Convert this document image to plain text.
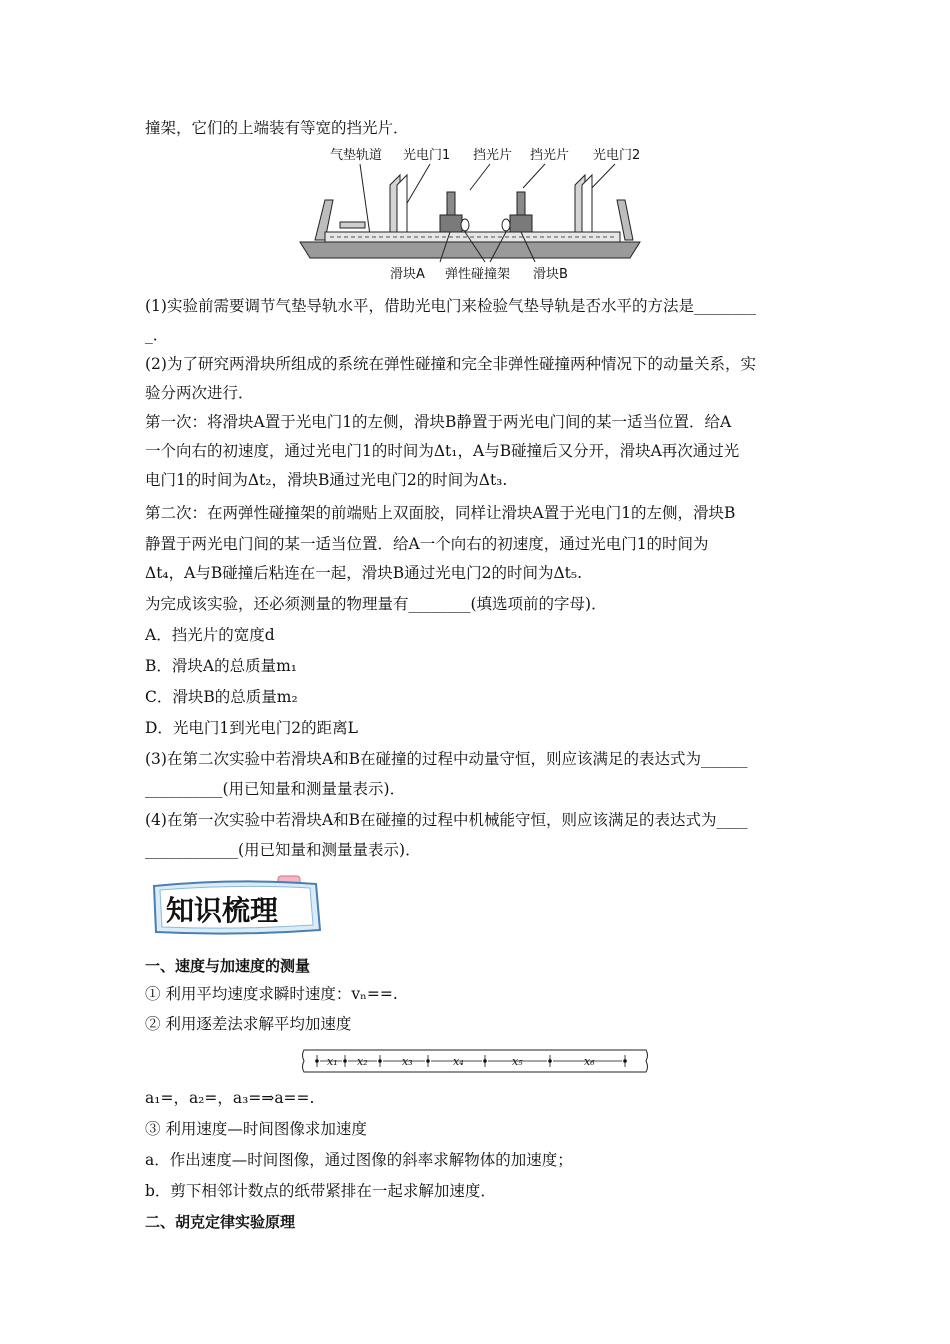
撞架，它们的上端装有等宽的挡光片．
气垫轨道 光电门1 挡光片 挡光片 光电门2
滑块A 弹性碰撞架 滑块B
(1)实验前需要调节气垫导轨水平，借助光电门来检验气垫导轨是否水平的方法是________
_．
(2)为了研究两滑块所组成的系统在弹性碰撞和完全非弹性碰撞两种情况下的动量关系，实
验分两次进行．
第一次：将滑块A置于光电门1的左侧，滑块B静置于两光电门间的某一适当位置．给A
一个向右的初速度，通过光电门1的时间为Δt₁，A与B碰撞后又分开，滑块A再次通过光
电门1的时间为Δt₂，滑块B通过光电门2的时间为Δt₃.
第二次：在两弹性碰撞架的前端贴上双面胶，同样让滑块A置于光电门1的左侧，滑块B
静置于两光电门间的某一适当位置．给A一个向右的初速度，通过光电门1的时间为
Δt₄，A与B碰撞后粘连在一起，滑块B通过光电门2的时间为Δt₅.
为完成该实验，还必须测量的物理量有________(填选项前的字母)．
A．挡光片的宽度d
B．滑块A的总质量m₁
C．滑块B的总质量m₂
D．光电门1到光电门2的距离L
(3)在第二次实验中若滑块A和B在碰撞的过程中动量守恒，则应该满足的表达式为______
__________(用已知量和测量量表示)．
(4)在第一次实验中若滑块A和B在碰撞的过程中机械能守恒，则应该满足的表达式为____
____________(用已知量和测量量表示)．
知识梳理
一、速度与加速度的测量
① 利用平均速度求瞬时速度：vₙ==.
② 利用逐差法求解平均加速度
x₁ x₂	x₃	x₄	x₅	x₆
a₁=，a₂=，a₃=⇒a==.
③ 利用速度—时间图像求加速度
a．作出速度—时间图像，通过图像的斜率求解物体的加速度；
b．剪下相邻计数点的纸带紧排在一起求解加速度．
二、胡克定律实验原理
